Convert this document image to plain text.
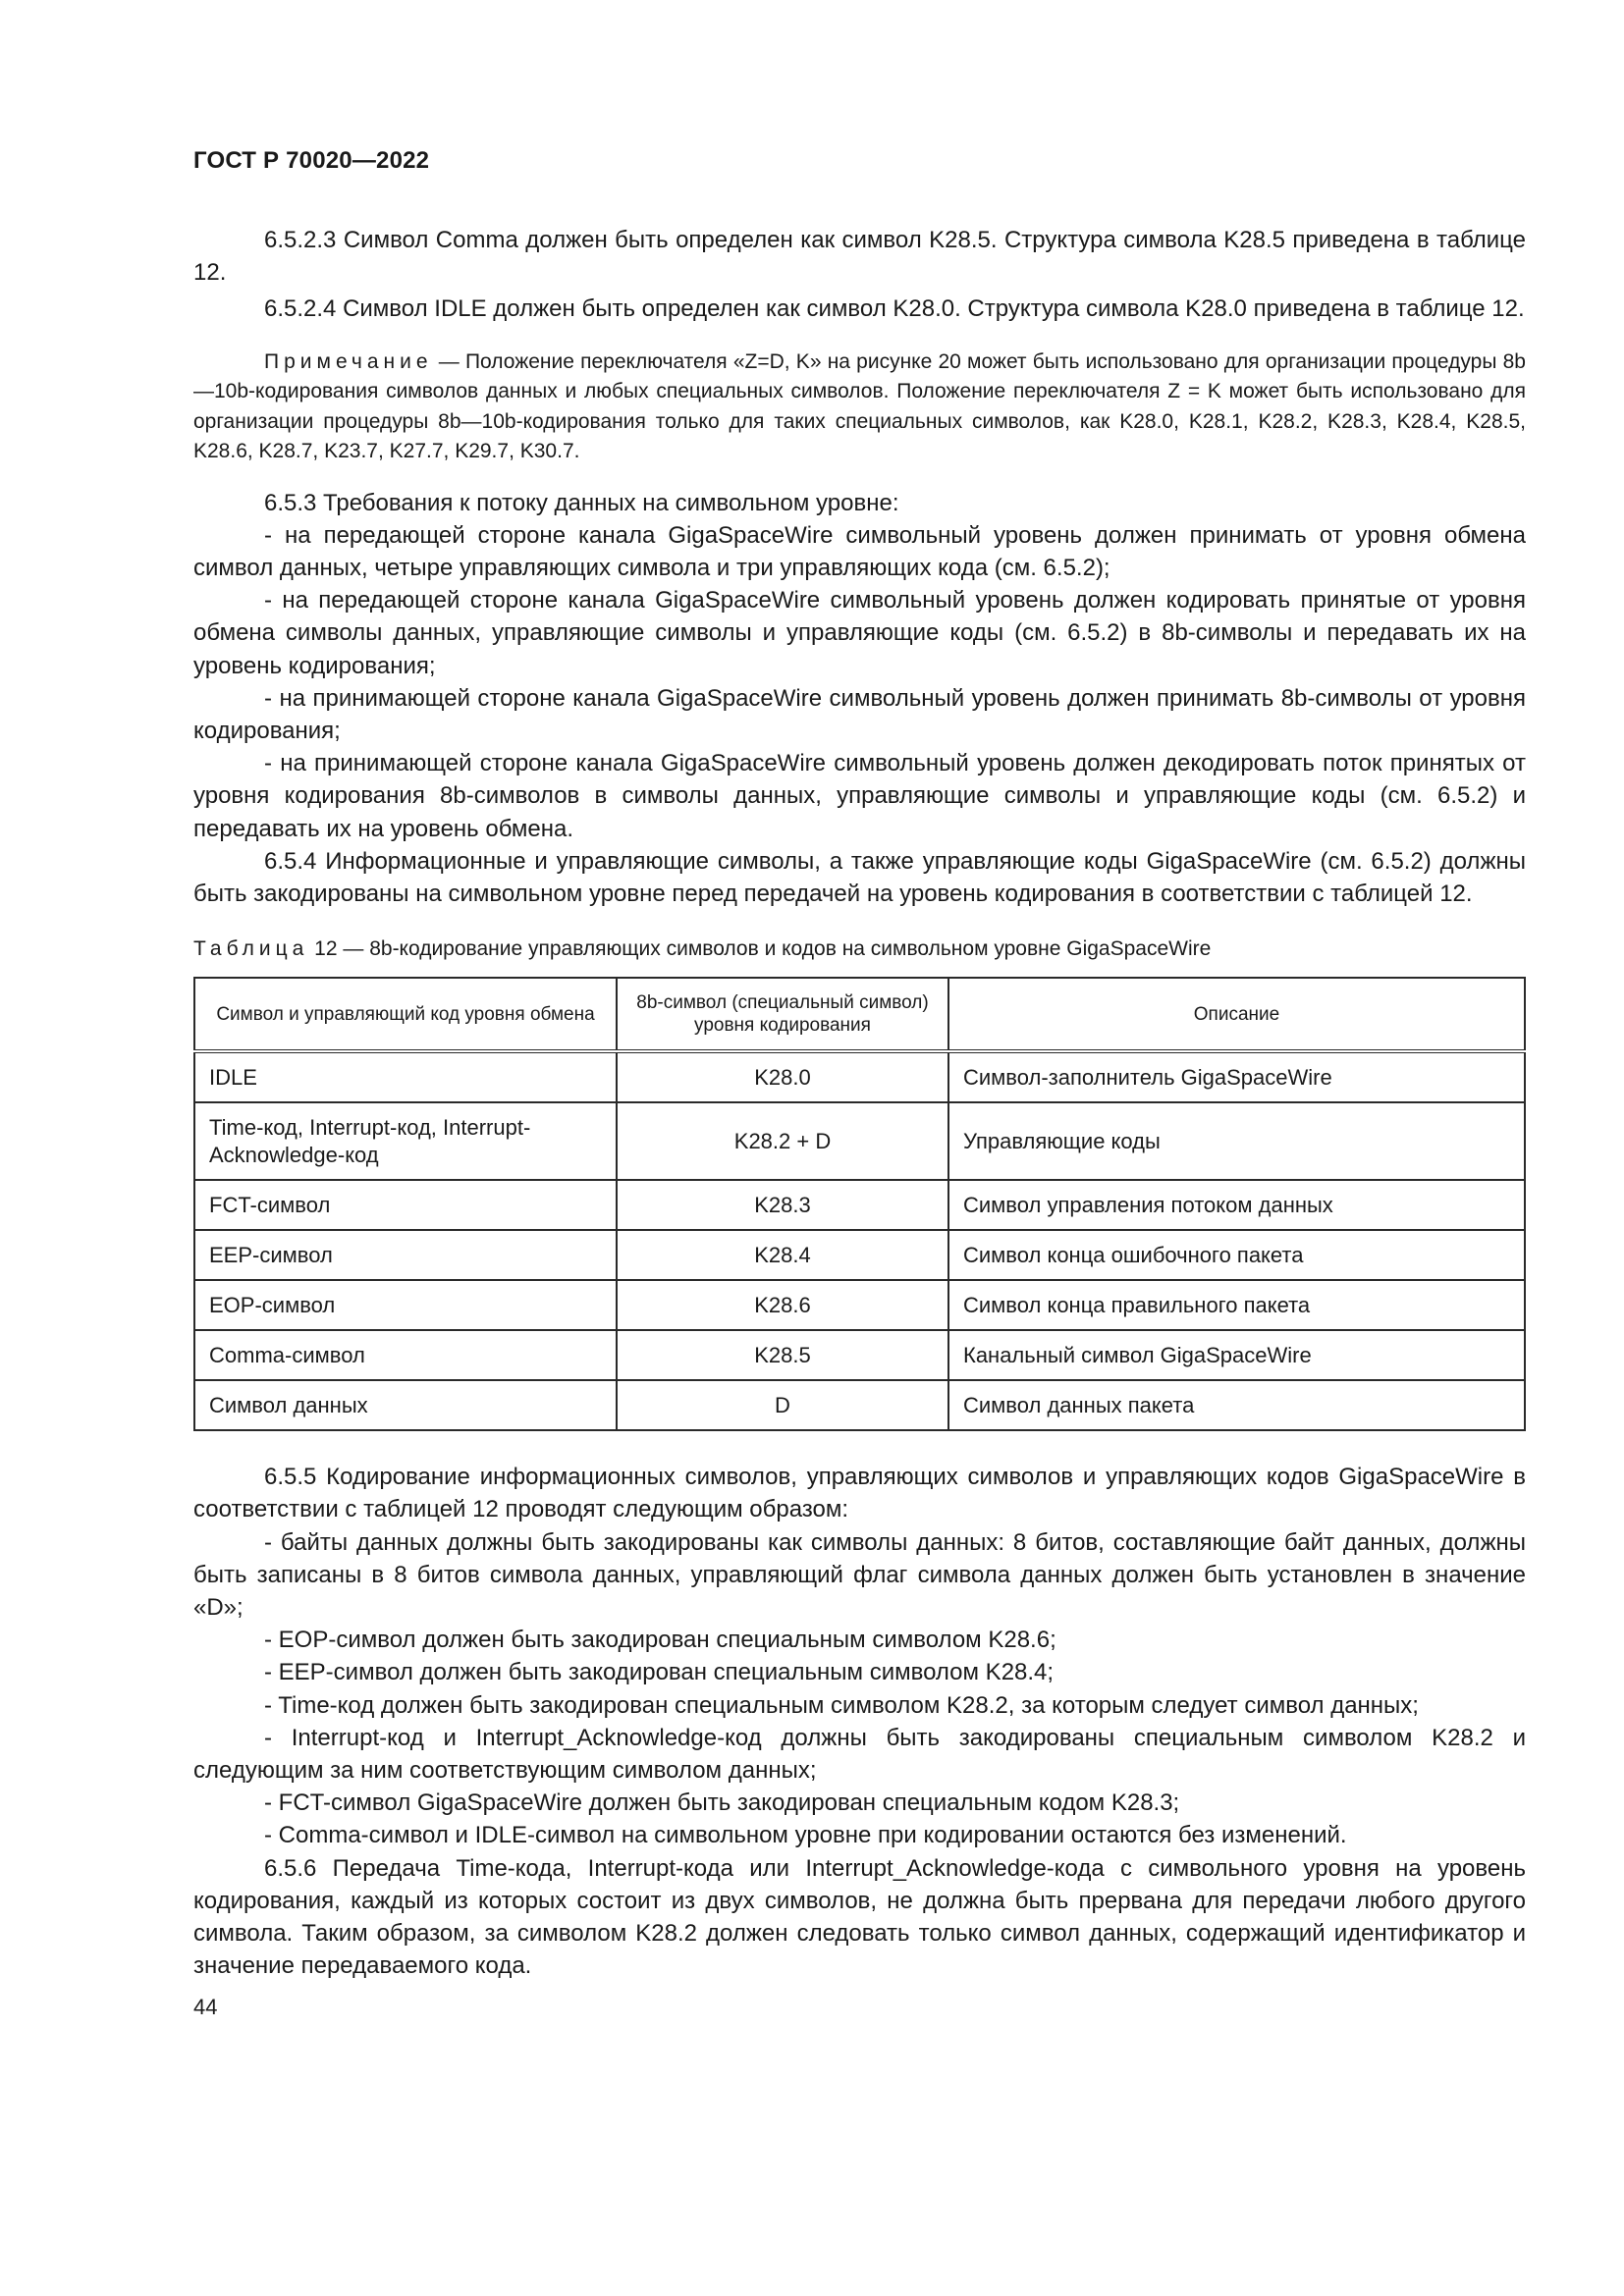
ГОСТ Р 70020—2022

6.5.2.3 Символ Comma должен быть определен как символ K28.5. Структура символа K28.5 приведена в таблице 12.

6.5.2.4 Символ IDLE должен быть определен как символ K28.0. Структура символа K28.0 приведена в таблице 12.

Примечание — Положение переключателя «Z=D, K» на рисунке 20 может быть использовано для организации процедуры 8b—10b-кодирования символов данных и любых специальных символов. Положение переключателя Z = K может быть использовано для организации процедуры 8b—10b-кодирования только для таких специальных символов, как K28.0, K28.1, K28.2, K28.3, K28.4, K28.5, K28.6, K28.7, K23.7, K27.7, K29.7, K30.7.

6.5.3 Требования к потоку данных на символьном уровне:

- на передающей стороне канала GigaSpaceWire символьный уровень должен принимать от уровня обмена символ данных, четыре управляющих символа и три управляющих кода (см. 6.5.2);

- на передающей стороне канала GigaSpaceWire символьный уровень должен кодировать принятые от уровня обмена символы данных, управляющие символы и управляющие коды (см. 6.5.2) в 8b-символы и передавать их на уровень кодирования;

- на принимающей стороне канала GigaSpaceWire символьный уровень должен принимать 8b-символы от уровня кодирования;

- на принимающей стороне канала GigaSpaceWire символьный уровень должен декодировать поток принятых от уровня кодирования 8b-символов в символы данных, управляющие символы и управляющие коды (см. 6.5.2) и передавать их на уровень обмена.

6.5.4 Информационные и управляющие символы, а также управляющие коды GigaSpaceWire (см. 6.5.2) должны быть закодированы на символьном уровне перед передачей на уровень кодирования в соответствии с таблицей 12.

Таблица 12 — 8b-кодирование управляющих символов и кодов на символьном уровне GigaSpaceWire
Символ и управляющий код уровня обмена	8b-символ (специальный символ) уровня кодирования	Описание
IDLE	K28.0	Символ-заполнитель GigaSpaceWire
Time-код, Interrupt-код, Interrupt-Acknowledge-код	K28.2 + D	Управляющие коды
FCT-символ	K28.3	Символ управления потоком данных
EEP-символ	K28.4	Символ конца ошибочного пакета
EOP-символ	K28.6	Символ конца правильного пакета
Comma-символ	K28.5	Канальный символ GigaSpaceWire
Символ данных	D	Символ данных пакета

6.5.5 Кодирование информационных символов, управляющих символов и управляющих кодов GigaSpaceWire в соответствии с таблицей 12 проводят следующим образом:

- байты данных должны быть закодированы как символы данных: 8 битов, составляющие байт данных, должны быть записаны в 8 битов символа данных, управляющий флаг символа данных должен быть установлен в значение «D»;

- EOP-символ должен быть закодирован специальным символом K28.6;

- EEP-символ должен быть закодирован специальным символом K28.4;

- Time-код должен быть закодирован специальным символом K28.2, за которым следует символ данных;

- Interrupt-код и Interrupt_Acknowledge-код должны быть закодированы специальным символом K28.2 и следующим за ним соответствующим символом данных;

- FCT-символ GigaSpaceWire должен быть закодирован специальным кодом K28.3;

- Comma-символ и IDLE-символ на символьном уровне при кодировании остаются без изменений.

6.5.6 Передача Time-кода, Interrupt-кода или Interrupt_Acknowledge-кода с символьного уровня на уровень кодирования, каждый из которых состоит из двух символов, не должна быть прервана для передачи любого другого символа. Таким образом, за символом K28.2 должен следовать только символ данных, содержащий идентификатор и значение передаваемого кода.

44
